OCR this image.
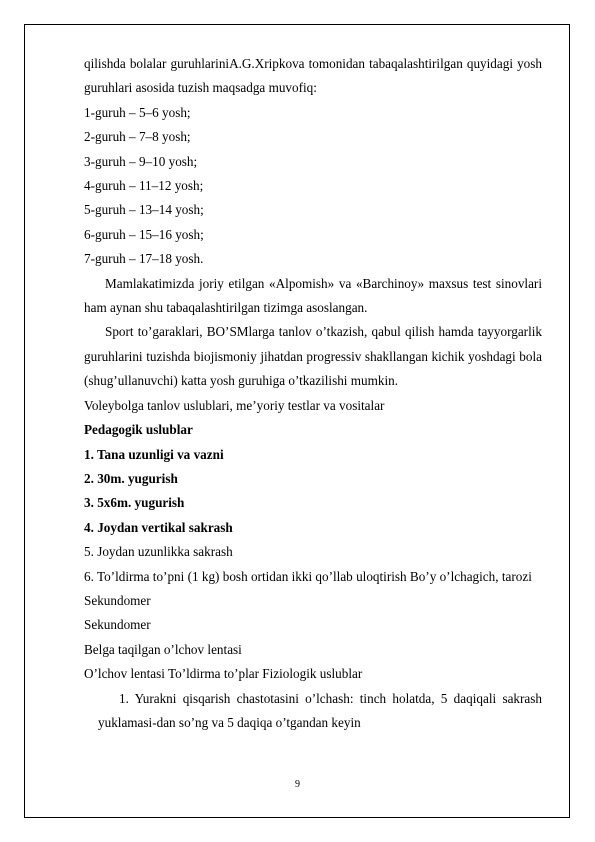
qilishda bolalar guruhlariniA.G.Xripkova tomonidan tabaqalashtirilgan quyidagi yosh guruhlari asosida tuzish maqsadga muvofiq:
1-guruh – 5–6 yosh;
2-guruh – 7–8 yosh;
3-guruh – 9–10 yosh;
4-guruh – 11–12 yosh;
5-guruh – 13–14 yosh;
6-guruh – 15–16 yosh;
7-guruh – 17–18 yosh.
Mamlakatimizda joriy etilgan «Alpomish» va «Barchinoy» maxsus test sinovlari ham aynan shu tabaqalashtirilgan tizimga asoslangan.
Sport to’garaklari, BO’SMlarga tanlov o’tkazish, qabul qilish hamda tayyorgarlik guruhlarini tuzishda biojismoniy jihatdan progressiv shakllangan kichik yoshdagi bola (shug’ullanuvchi) katta yosh guruhiga o’tkazilishi mumkin.
Voleybolga tanlov uslublari, me’yoriy testlar va vositalar
Pedagogik uslublar
1. Tana uzunligi va vazni
2. 30m. yugurish
3. 5x6m. yugurish
4. Joydan vertikal sakrash
5. Joydan uzunlikka sakrash
6. To’ldirma to’pni (1 kg) bosh ortidan ikki qo’llab uloqtirish Bo’y o’lchagich, tarozi
Sekundomer
Sekundomer
Belga taqilgan o’lchov lentasi
O’lchov lentasi To’ldirma to’plar Fiziologik uslublar
1. Yurakni qisqarish chastotasini o’lchash: tinch holatda, 5 daqiqali sakrash yuklamasi-dan so’ng va 5 daqiqa o’tgandan keyin
9
